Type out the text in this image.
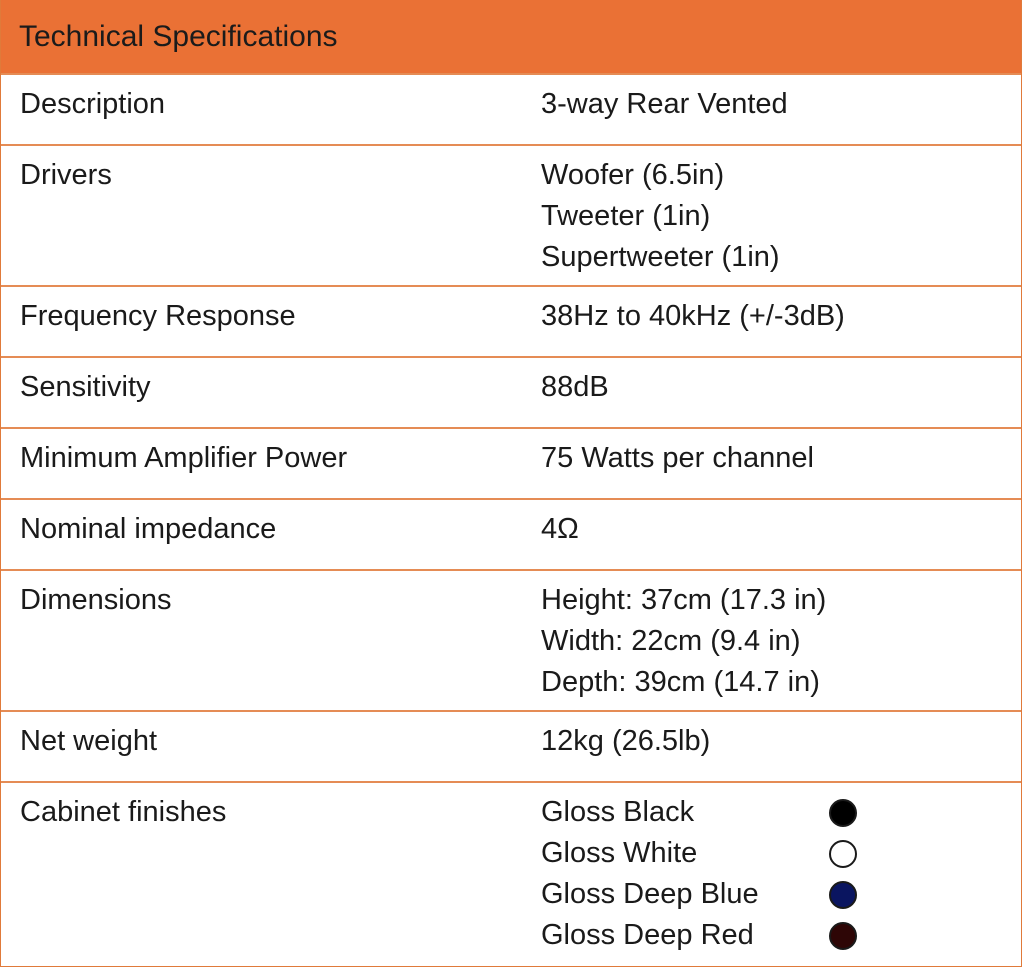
Technical Specifications
Description	3-way Rear Vented
Drivers	Woofer (6.5in)
Tweeter (1in)
Supertweeter (1in)
Frequency Response	38Hz to 40kHz (+/-3dB)
Sensitivity	88dB
Minimum Amplifier Power	75 Watts per channel
Nominal impedance	4Ω
Dimensions	Height: 37cm (17.3 in)
Width: 22cm (9.4 in)
Depth: 39cm (14.7 in)
Net weight	12kg (26.5lb)
Cabinet finishes	Gloss Black
Gloss White
Gloss Deep Blue
Gloss Deep Red
